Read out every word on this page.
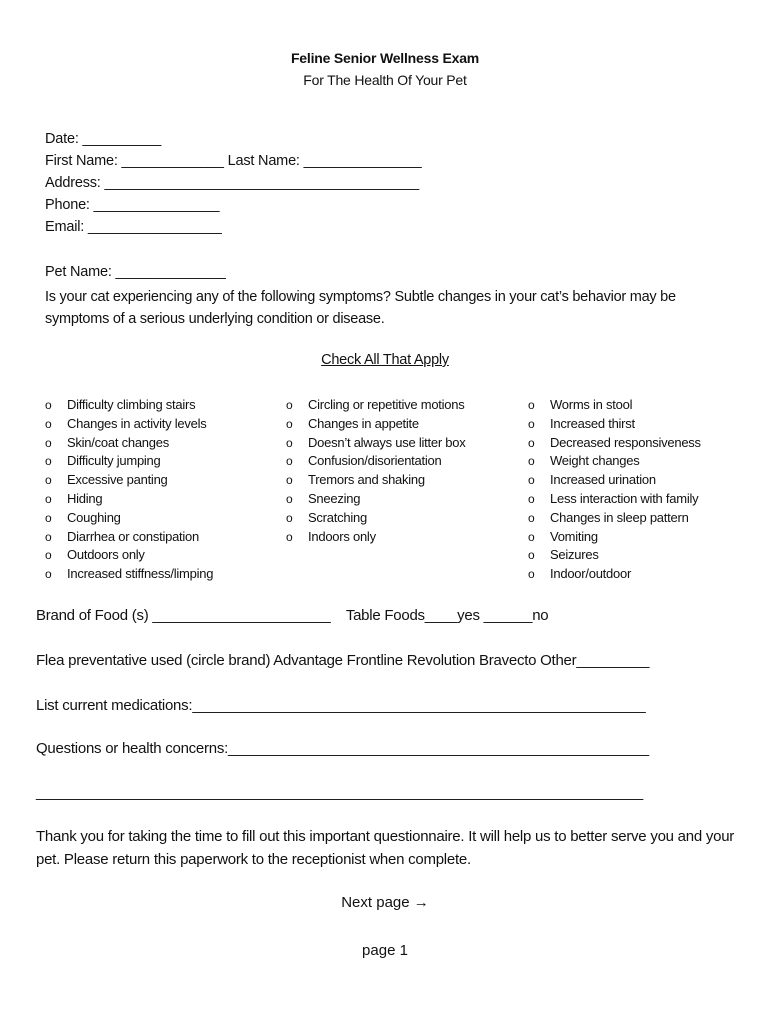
Feline Senior Wellness Exam
For The Health Of Your Pet
Date: __________
First Name: _____________ Last Name: _______________
Address: ________________________________________
Phone: ________________
Email: _________________
Pet Name: ______________
Is your cat experiencing any of the following symptoms? Subtle changes in your cat’s behavior may be symptoms of a serious underlying condition or disease.
Check All That Apply
o Difficulty climbing stairs
o Changes in activity levels
o Skin/coat changes
o Difficulty jumping
o Excessive panting
o Hiding
o Coughing
o Diarrhea or constipation
o Outdoors only
o Increased stiffness/limping
o Circling or repetitive motions
o Changes in appetite
o Doesn’t always use litter box
o Confusion/disorientation
o Tremors and shaking
o Sneezing
o Scratching
o Indoors only
o Worms in stool
o Increased thirst
o Decreased responsiveness
o Weight changes
o Increased urination
o Less interaction with family
o Changes in sleep pattern
o Vomiting
o Seizures
o Indoor/outdoor
Brand of Food (s) ______________________    Table Foods____yes ______no
Flea preventative used (circle brand) Advantage Frontline Revolution Bravecto Other_________
List current medications:________________________________________________________
Questions or health concerns:____________________________________________________
___________________________________________________________________________
Thank you for taking the time to fill out this important questionnaire. It will help us to better serve you and your pet. Please return this paperwork to the receptionist when complete.
Next page →
page 1
